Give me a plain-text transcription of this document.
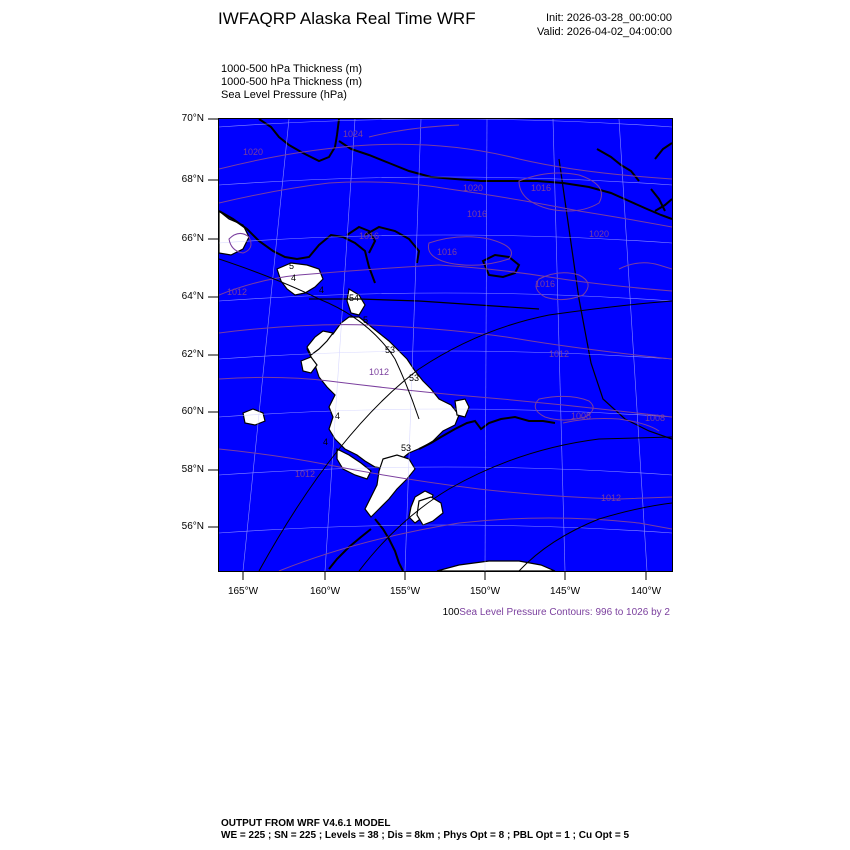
IWFAQRP Alaska Real Time WRF	Init: 2026-03-28_00:00:00
Valid: 2026-04-02_04:00:00
1000-500 hPa Thickness (m)
1000-500 hPa Thickness (m)
Sea Level Pressure (hPa)
70°N
68°N
66°N
64°N
62°N
60°N
58°N
56°N
165°W	160°W	155°W	150°W	145°W	140°W
1024
1020
1020	1016
1016
1016
1016
1016
1020
1012
1012
1012
1008
1012
1008
1012
5
4
4
54
5
53
53
4
4
53
100Sea Level Pressure Contours: 996 to 1026 by 2
OUTPUT FROM WRF V4.6.1 MODEL
WE = 225 ; SN = 225 ; Levels = 38 ; Dis = 8km ; Phys Opt = 8 ; PBL Opt = 1 ; Cu Opt = 5
